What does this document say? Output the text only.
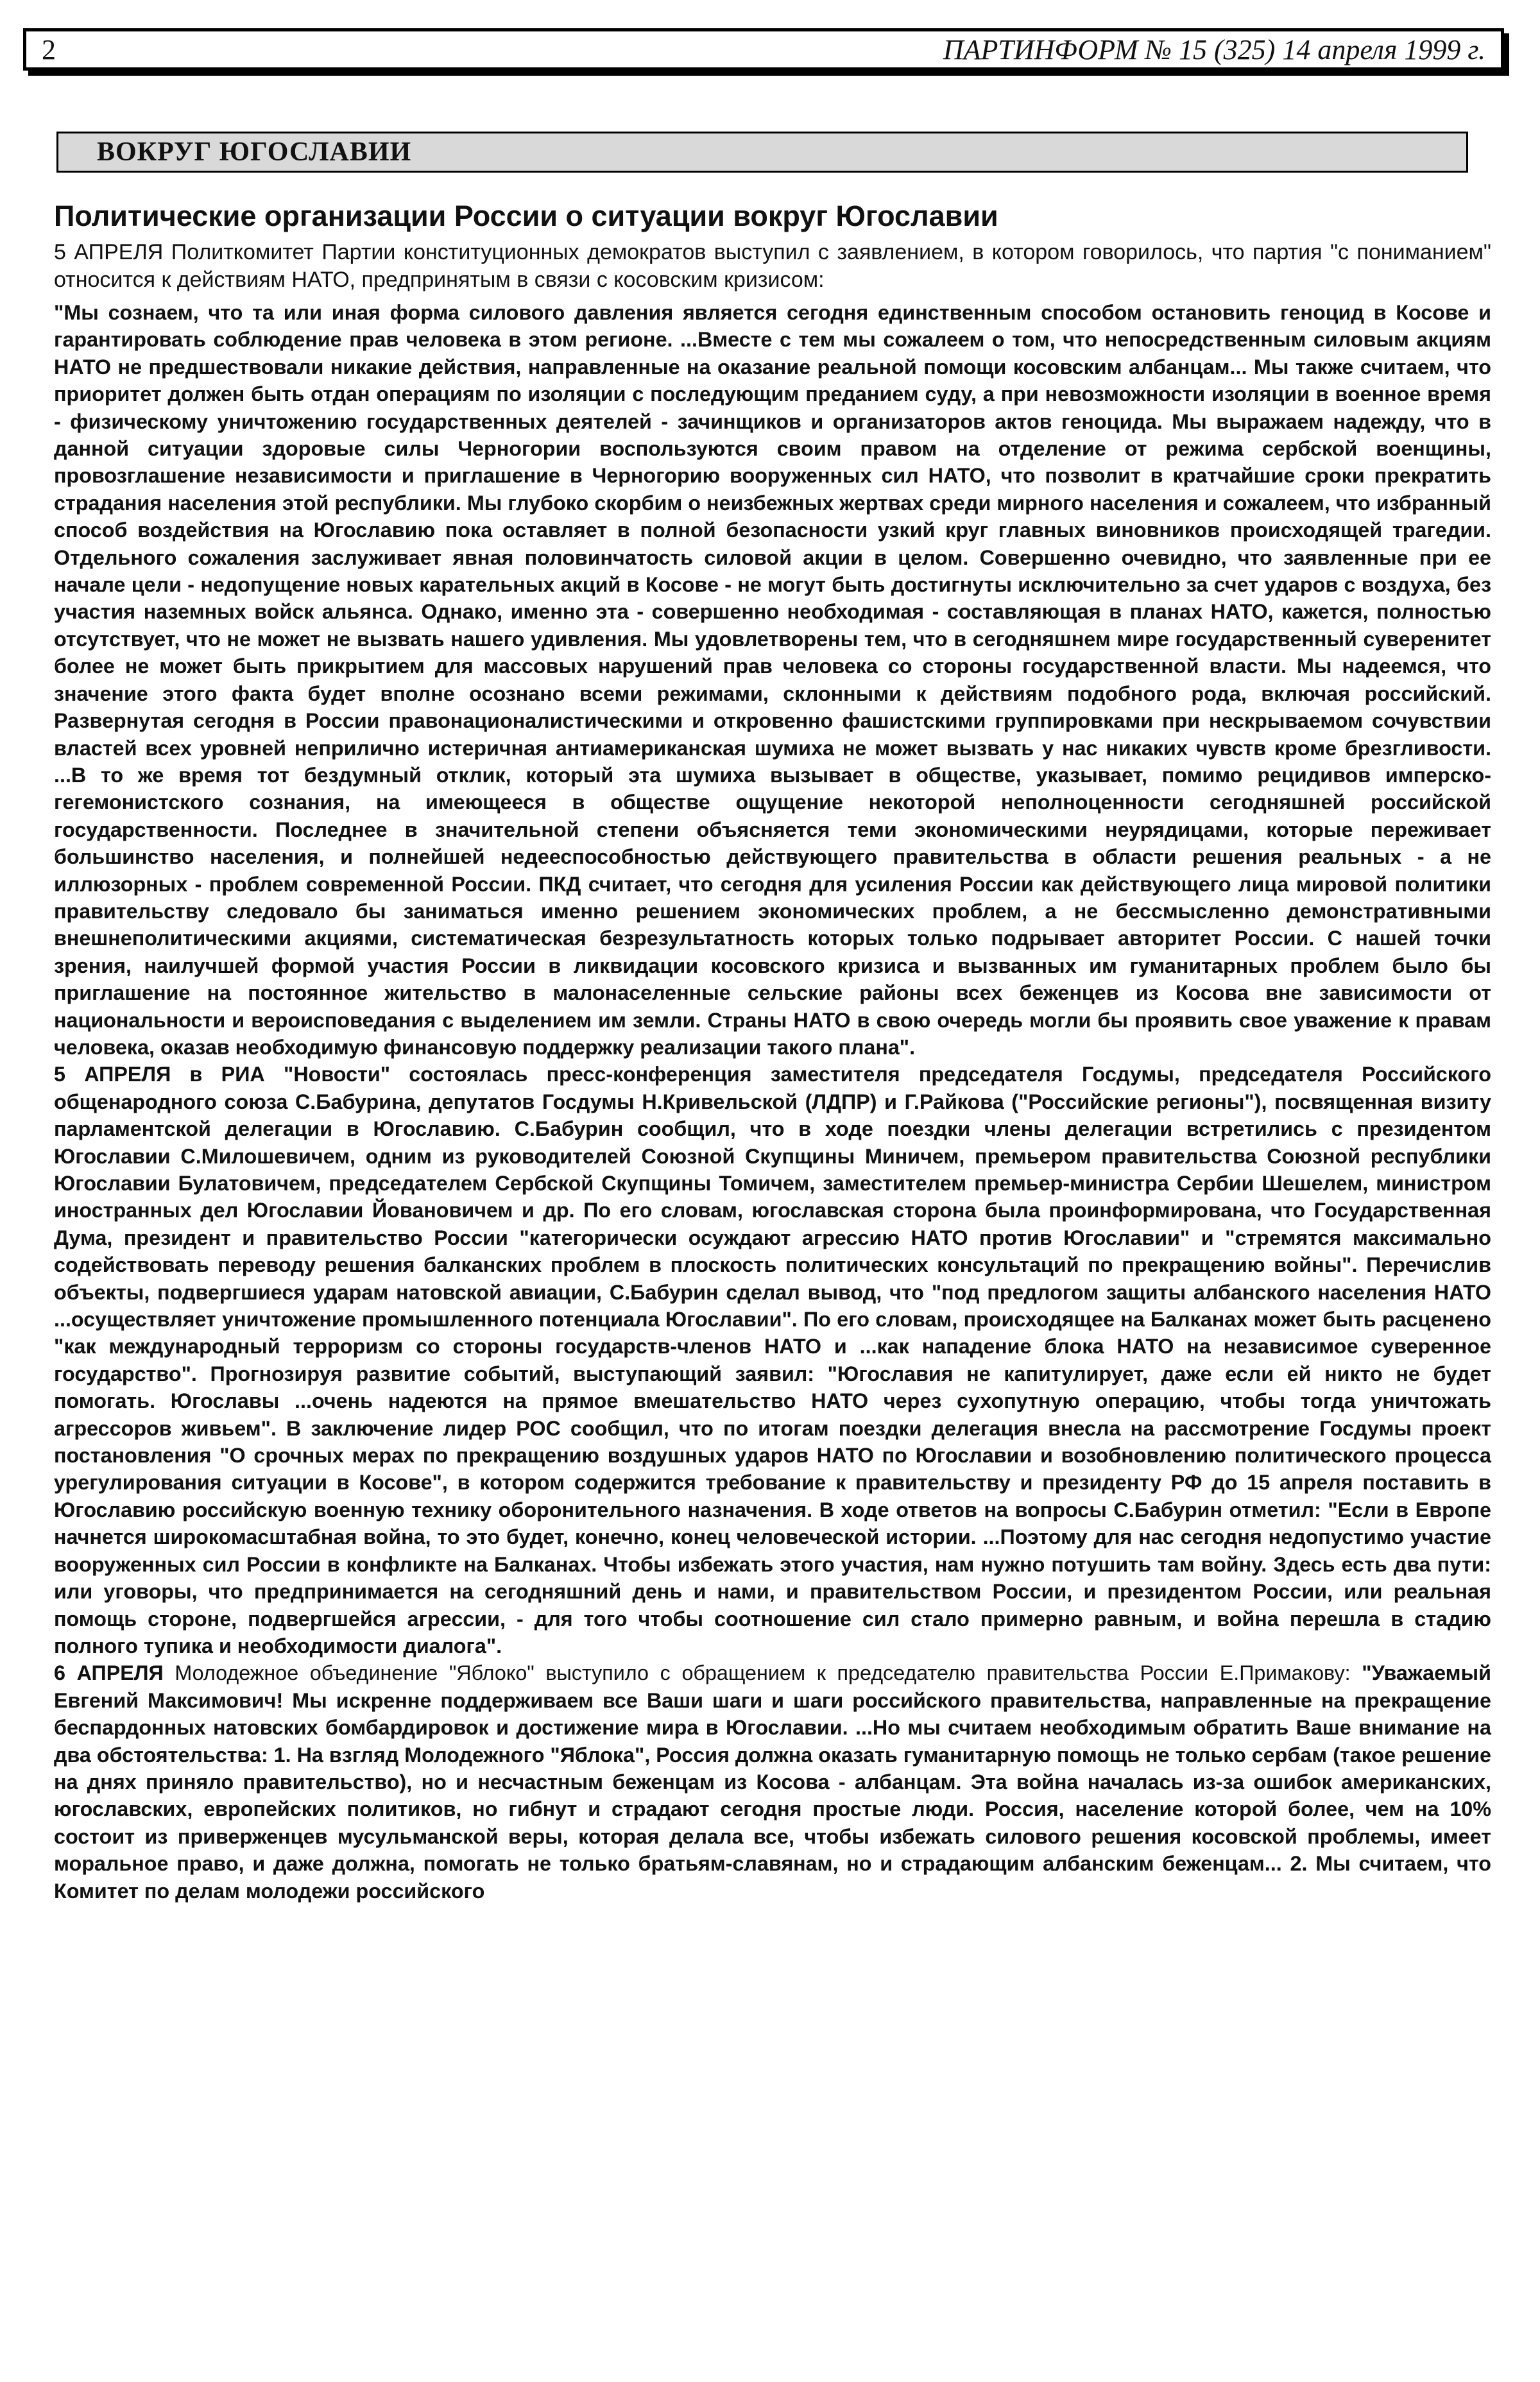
2	ПАРТИНФОРМ № 15 (325) 14 апреля 1999 г.
ВОКРУГ ЮГОСЛАВИИ
Политические организации России о ситуации вокруг Югославии

5 АПРЕЛЯ Политкомитет Партии конституционных демократов выступил с заявлением, в котором говорилось, что партия "с пониманием" относится к действиям НАТО, предпринятым в связи с косовским кризисом:

"Мы сознаем, что та или иная форма силового давления является сегодня единственным способом остановить геноцид в Косове и гарантировать соблюдение прав человека в этом регионе. ...Вместе с тем мы сожалеем о том, что непосредственным силовым акциям НАТО не предшествовали никакие действия, направленные на оказание реальной помощи косовским албанцам... Мы также считаем, что приоритет должен быть отдан операциям по изоляции с последующим преданием суду, а при невозможности изоляции в военное время - физическому уничтожению государственных деятелей - зачинщиков и организаторов актов геноцида. Мы выражаем надежду, что в данной ситуации здоровые силы Черногории воспользуются своим правом на отделение от режима сербской военщины, провозглашение независимости и приглашение в Черногорию вооруженных сил НАТО, что позволит в кратчайшие сроки прекратить страдания населения этой республики. Мы глубоко скорбим о неизбежных жертвах среди мирного населения и сожалеем, что избранный способ воздействия на Югославию пока оставляет в полной безопасности узкий круг главных виновников происходящей трагедии. Отдельного сожаления заслуживает явная половинчатость силовой акции в целом. Совершенно очевидно, что заявленные при ее начале цели - недопущение новых карательных акций в Косове - не могут быть достигнуты исключительно за счет ударов с воздуха, без участия наземных войск альянса. Однако, именно эта - совершенно необходимая - составляющая в планах НАТО, кажется, полностью отсутствует, что не может не вызвать нашего удивления. Мы удовлетворены тем, что в сегодняшнем мире государственный суверенитет более не может быть прикрытием для массовых нарушений прав человека со стороны государственной власти. Мы надеемся, что значение этого факта будет вполне осознано всеми режимами, склонными к действиям подобного рода, включая российский. Развернутая сегодня в России правонационалистическими и откровенно фашистскими группировками при нескрываемом сочувствии властей всех уровней неприлично истеричная антиамериканская шумиха не может вызвать у нас никаких чувств кроме брезгливости. ...В то же время тот бездумный отклик, который эта шумиха вызывает в обществе, указывает, помимо рецидивов имперско-гегемонистского сознания, на имеющееся в обществе ощущение некоторой неполноценности сегодняшней российской государственности. Последнее в значительной степени объясняется теми экономическими неурядицами, которые переживает большинство населения, и полнейшей недееспособностью действующего правительства в области решения реальных - а не иллюзорных - проблем современной России. ПКД считает, что сегодня для усиления России как действующего лица мировой политики правительству следовало бы заниматься именно решением экономических проблем, а не бессмысленно демонстративными внешнеполитическими акциями, систематическая безрезультатность которых только подрывает авторитет России. С нашей точки зрения, наилучшей формой участия России в ликвидации косовского кризиса и вызванных им гуманитарных проблем было бы приглашение на постоянное жительство в малонаселенные сельские районы всех беженцев из Косова вне зависимости от национальности и вероисповедания с выделением им земли. Страны НАТО в свою очередь могли бы проявить свое уважение к правам человека, оказав необходимую финансовую поддержку реализации такого плана".

5 АПРЕЛЯ в РИА "Новости" состоялась пресс-конференция заместителя председателя Госдумы, председателя Российского общенародного союза С.Бабурина, депутатов Госдумы Н.Кривельской (ЛДПР) и Г.Райкова ("Российские регионы"), посвященная визиту парламентской делегации в Югославию. С.Бабурин сообщил, что в ходе поездки члены делегации встретились с президентом Югославии С.Милошевичем, одним из руководителей Союзной Скупщины Миничем, премьером правительства Союзной республики Югославии Булатовичем, председателем Сербской Скупщины Томичем, заместителем премьер-министра Сербии Шешелем, министром иностранных дел Югославии Йовановичем и др. По его словам, югославская сторона была проинформирована, что Государственная Дума, президент и правительство России "категорически осуждают агрессию НАТО против Югославии" и "стремятся максимально содействовать переводу решения балканских проблем в плоскость политических консультаций по прекращению войны". Перечислив объекты, подвергшиеся ударам натовской авиации, С.Бабурин сделал вывод, что "под предлогом защиты албанского населения НАТО ...осуществляет уничтожение промышленного потенциала Югославии". По его словам, происходящее на Балканах может быть расценено "как международный терроризм со стороны государств-членов НАТО и ...как нападение блока НАТО на независимое суверенное государство". Прогнозируя развитие событий, выступающий заявил: "Югославия не капитулирует, даже если ей никто не будет помогать. Югославы ...очень надеются на прямое вмешательство НАТО через сухопутную операцию, чтобы тогда уничтожать агрессоров живьем". В заключение лидер РОС сообщил, что по итогам поездки делегация внесла на рассмотрение Госдумы проект постановления "О срочных мерах по прекращению воздушных ударов НАТО по Югославии и возобновлению политического процесса урегулирования ситуации в Косове", в котором содержится требование к правительству и президенту РФ до 15 апреля поставить в Югославию российскую военную технику оборонительного назначения. В ходе ответов на вопросы С.Бабурин отметил: "Если в Европе начнется широкомасштабная война, то это будет, конечно, конец человеческой истории. ...Поэтому для нас сегодня недопустимо участие вооруженных сил России в конфликте на Балканах. Чтобы избежать этого участия, нам нужно потушить там войну. Здесь есть два пути: или уговоры, что предпринимается на сегодняшний день и нами, и правительством России, и президентом России, или реальная помощь стороне, подвергшейся агрессии, - для того чтобы соотношение сил стало примерно равным, и война перешла в стадию полного тупика и необходимости диалога".

6 АПРЕЛЯ Молодежное объединение "Яблоко" выступило с обращением к председателю правительства России Е.Примакову: "Уважаемый Евгений Максимович! Мы искренне поддерживаем все Ваши шаги и шаги российского правительства, направленные на прекращение беспардонных натовских бомбардировок и достижение мира в Югославии. ...Но мы считаем необходимым обратить Ваше внимание на два обстоятельства: 1. На взгляд Молодежного "Яблока", Россия должна оказать гуманитарную помощь не только сербам (такое решение на днях приняло правительство), но и несчастным беженцам из Косова - албанцам. Эта война началась из-за ошибок американских, югославских, европейских политиков, но гибнут и страдают сегодня простые люди. Россия, население которой более, чем на 10% состоит из приверженцев мусульманской веры, которая делала все, чтобы избежать силового решения косовской проблемы, имеет моральное право, и даже должна, помогать не только братьям-славянам, но и страдающим албанским беженцам... 2. Мы считаем, что Комитет по делам молодежи российского
